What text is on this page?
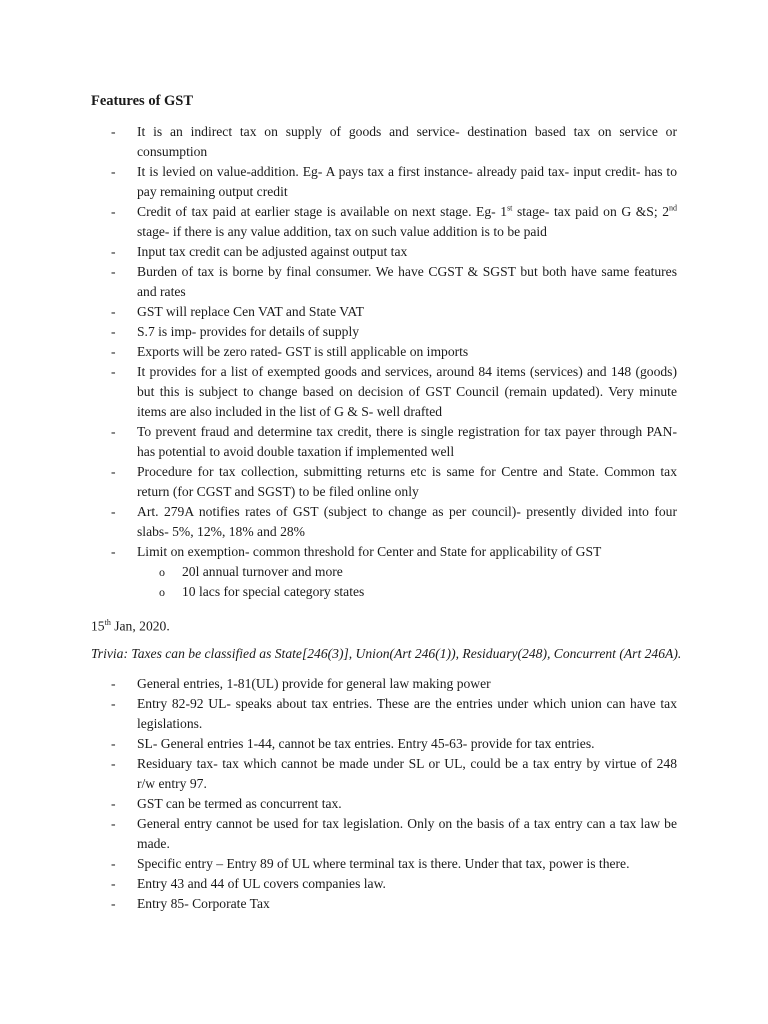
Features of GST
- It is an indirect tax on supply of goods and service- destination based tax on service or consumption
- It is levied on value-addition. Eg- A pays tax a first instance- already paid tax- input credit- has to pay remaining output credit
- Credit of tax paid at earlier stage is available on next stage. Eg- 1st stage- tax paid on G &S; 2nd stage- if there is any value addition, tax on such value addition is to be paid
- Input tax credit can be adjusted against output tax
- Burden of tax is borne by final consumer. We have CGST & SGST but both have same features and rates
- GST will replace Cen VAT and State VAT
- S.7 is imp- provides for details of supply
- Exports will be zero rated- GST is still applicable on imports
- It provides for a list of exempted goods and services, around 84 items (services) and 148 (goods) but this is subject to change based on decision of GST Council (remain updated). Very minute items are also included in the list of G & S- well drafted
- To prevent fraud and determine tax credit, there is single registration for tax payer through PAN- has potential to avoid double taxation if implemented well
- Procedure for tax collection, submitting returns etc is same for Centre and State. Common tax return (for CGST and SGST) to be filed online only
- Art. 279A notifies rates of GST (subject to change as per council)- presently divided into four slabs- 5%, 12%, 18% and 28%
- Limit on exemption- common threshold for Center and State for applicability of GST
o 20l annual turnover and more
o 10 lacs for special category states
15th Jan, 2020.
Trivia: Taxes can be classified as State[246(3)], Union(Art 246(1)), Residuary(248), Concurrent (Art 246A).
- General entries, 1-81(UL) provide for general law making power
- Entry 82-92 UL- speaks about tax entries. These are the entries under which union can have tax legislations.
- SL- General entries 1-44, cannot be tax entries. Entry 45-63- provide for tax entries.
- Residuary tax- tax which cannot be made under SL or UL, could be a tax entry by virtue of 248 r/w entry 97.
- GST can be termed as concurrent tax.
- General entry cannot be used for tax legislation. Only on the basis of a tax entry can a tax law be made.
- Specific entry – Entry 89 of UL where terminal tax is there. Under that tax, power is there.
- Entry 43 and 44 of UL covers companies law.
- Entry 85- Corporate Tax
